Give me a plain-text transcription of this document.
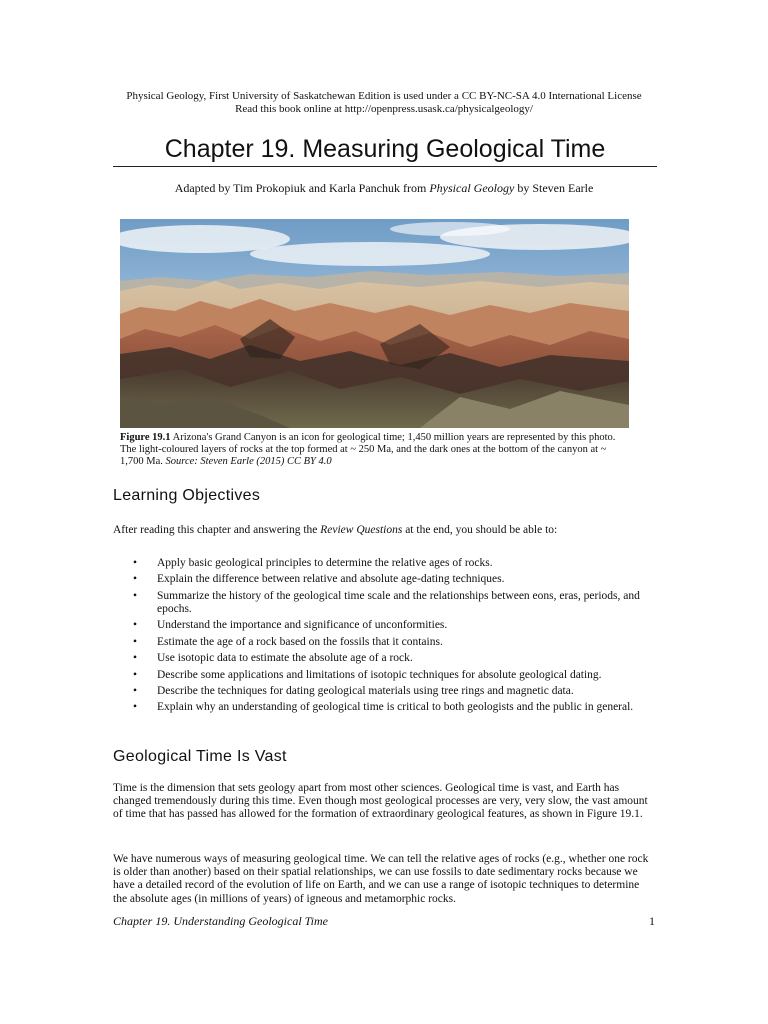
Physical Geology, First University of Saskatchewan Edition is used under a CC BY-NC-SA 4.0 International License
Read this book online at http://openpress.usask.ca/physicalgeology/
Chapter 19. Measuring Geological Time
Adapted by Tim Prokopiuk and Karla Panchuk from Physical Geology by Steven Earle
Figure 19.1 Arizona's Grand Canyon is an icon for geological time; 1,450 million years are represented by this photo. The light-coloured layers of rocks at the top formed at ~ 250 Ma, and the dark ones at the bottom of the canyon at ~ 1,700 Ma. Source: Steven Earle (2015) CC BY 4.0
Learning Objectives

After reading this chapter and answering the Review Questions at the end, you should be able to:

• Apply basic geological principles to determine the relative ages of rocks.
• Explain the difference between relative and absolute age-dating techniques.
• Summarize the history of the geological time scale and the relationships between eons, eras, periods, and epochs.
• Understand the importance and significance of unconformities.
• Estimate the age of a rock based on the fossils that it contains.
• Use isotopic data to estimate the absolute age of a rock.
• Describe some applications and limitations of isotopic techniques for absolute geological dating.
• Describe the techniques for dating geological materials using tree rings and magnetic data.
• Explain why an understanding of geological time is critical to both geologists and the public in general.
Geological Time Is Vast

Time is the dimension that sets geology apart from most other sciences. Geological time is vast, and Earth has changed tremendously during this time. Even though most geological processes are very, very slow, the vast amount of time that has passed has allowed for the formation of extraordinary geological features, as shown in Figure 19.1.

We have numerous ways of measuring geological time. We can tell the relative ages of rocks (e.g., whether one rock is older than another) based on their spatial relationships, we can use fossils to date sedimentary rocks because we have a detailed record of the evolution of life on Earth, and we can use a range of isotopic techniques to determine the absolute ages (in millions of years) of igneous and metamorphic rocks.

Chapter 19. Understanding Geological Time	1
